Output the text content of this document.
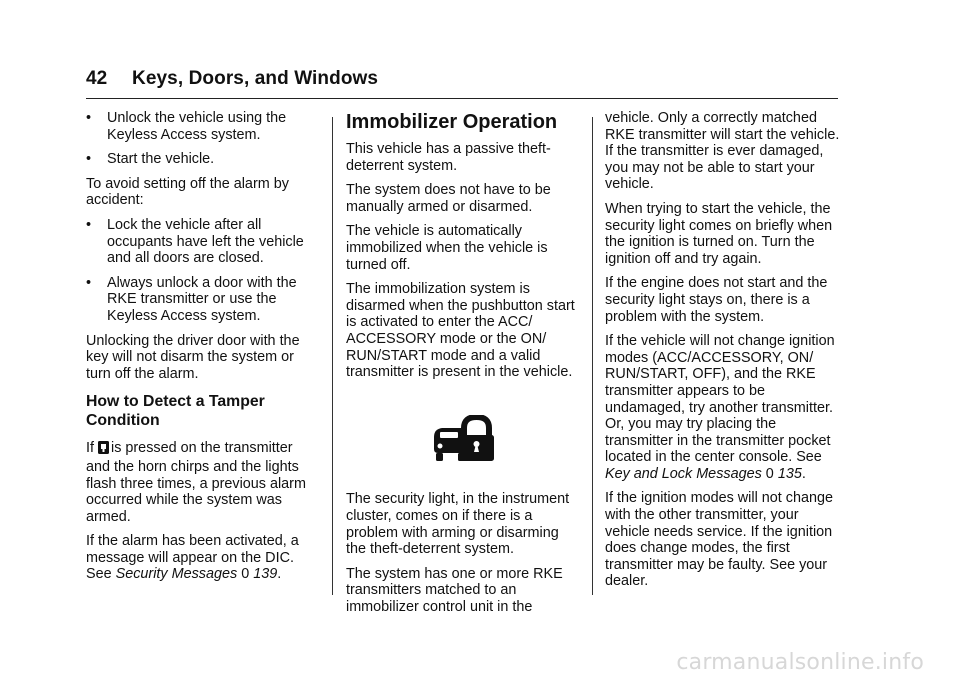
42 Keys, Doors, and Windows
• Unlock the vehicle using the Keyless Access system.
• Start the vehicle.

To avoid setting off the alarm by accident:

• Lock the vehicle after all occupants have left the vehicle and all doors are closed.
• Always unlock a door with the RKE transmitter or use the Keyless Access system.

Unlocking the driver door with the key will not disarm the system or turn off the alarm.

How to Detect a Tamper Condition

If is pressed on the transmitter and the horn chirps and the lights flash three times, a previous alarm occurred while the system was armed.

If the alarm has been activated, a message will appear on the DIC. See Security Messages 0 139.

Immobilizer Operation

This vehicle has a passive theft-deterrent system.

The system does not have to be manually armed or disarmed.

The vehicle is automatically immobilized when the vehicle is turned off.

The immobilization system is disarmed when the pushbutton start is activated to enter the ACC/ ACCESSORY mode or the ON/ RUN/START mode and a valid transmitter is present in the vehicle.

The security light, in the instrument cluster, comes on if there is a problem with arming or disarming the theft-deterrent system.

The system has one or more RKE transmitters matched to an immobilizer control unit in the

vehicle. Only a correctly matched RKE transmitter will start the vehicle. If the transmitter is ever damaged, you may not be able to start your vehicle.

When trying to start the vehicle, the security light comes on briefly when the ignition is turned on. Turn the ignition off and try again.

If the engine does not start and the security light stays on, there is a problem with the system.

If the vehicle will not change ignition modes (ACC/ACCESSORY, ON/ RUN/START, OFF), and the RKE transmitter appears to be undamaged, try another transmitter. Or, you may try placing the transmitter in the transmitter pocket located in the center console. See Key and Lock Messages 0 135.

If the ignition modes will not change with the other transmitter, your vehicle needs service. If the ignition does change modes, the first transmitter may be faulty. See your dealer.

carmanualsonline.info
